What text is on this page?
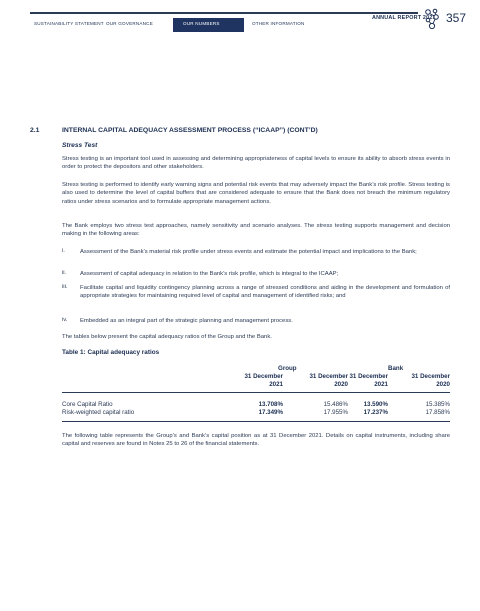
SUSTAINABILITY STATEMENT OUR GOVERNANCE	OUR NUMBERS	OTHER INFORMATION
ANNUAL REPORT 2021 357
2.1	INTERNAL CAPITAL ADEQUACY ASSESSMENT PROCESS (“ICAAP”) (CONT’D)
Stress Test
Stress testing is an important tool used in assessing and determining appropriateness of capital levels to ensure its ability to absorb stress events in order to protect the depositors and other stakeholders.
Stress testing is performed to identify early warning signs and potential risk events that may adversely impact the Bank’s risk profile. Stress testing is also used to determine the level of capital buffers that are considered adequate to ensure that the Bank does not breach the minimum regulatory ratios under stress scenarios and to formulate appropriate management actions.
The Bank employs two stress test approaches, namely sensitivity and scenario analyses. The stress testing supports management and decision making in the following areas:
i.	Assessment of the Bank’s material risk profile under stress events and estimate the potential impact and implications to the Bank;
ii. Assessment of capital adequacy in relation to the Bank’s risk profile, which is integral to the ICAAP;
iii. Facilitate capital and liquidity contingency planning across a range of stressed conditions and aiding in the development and formulation of appropriate strategies for maintaining required level of capital and management of identified risks; and
iv. Embedded as an integral part of the strategic planning and management process.
The tables below present the capital adequacy ratios of the Group and the Bank.
Table 1: Capital adequacy ratios
Group	Bank
31 December
2021
31 December
2020
31 December
2021
31 December
2020
Core Capital Ratio	13.708%	15.486%	13.590%	15.385%
Risk-weighted capital ratio	17.349%	17.955%	17.237%	17.858%
The following table represents the Group’s and Bank’s capital position as at 31 December 2021. Details on capital instruments, including share capital and reserves are found in Notes 25 to 26 of the financial statements.
